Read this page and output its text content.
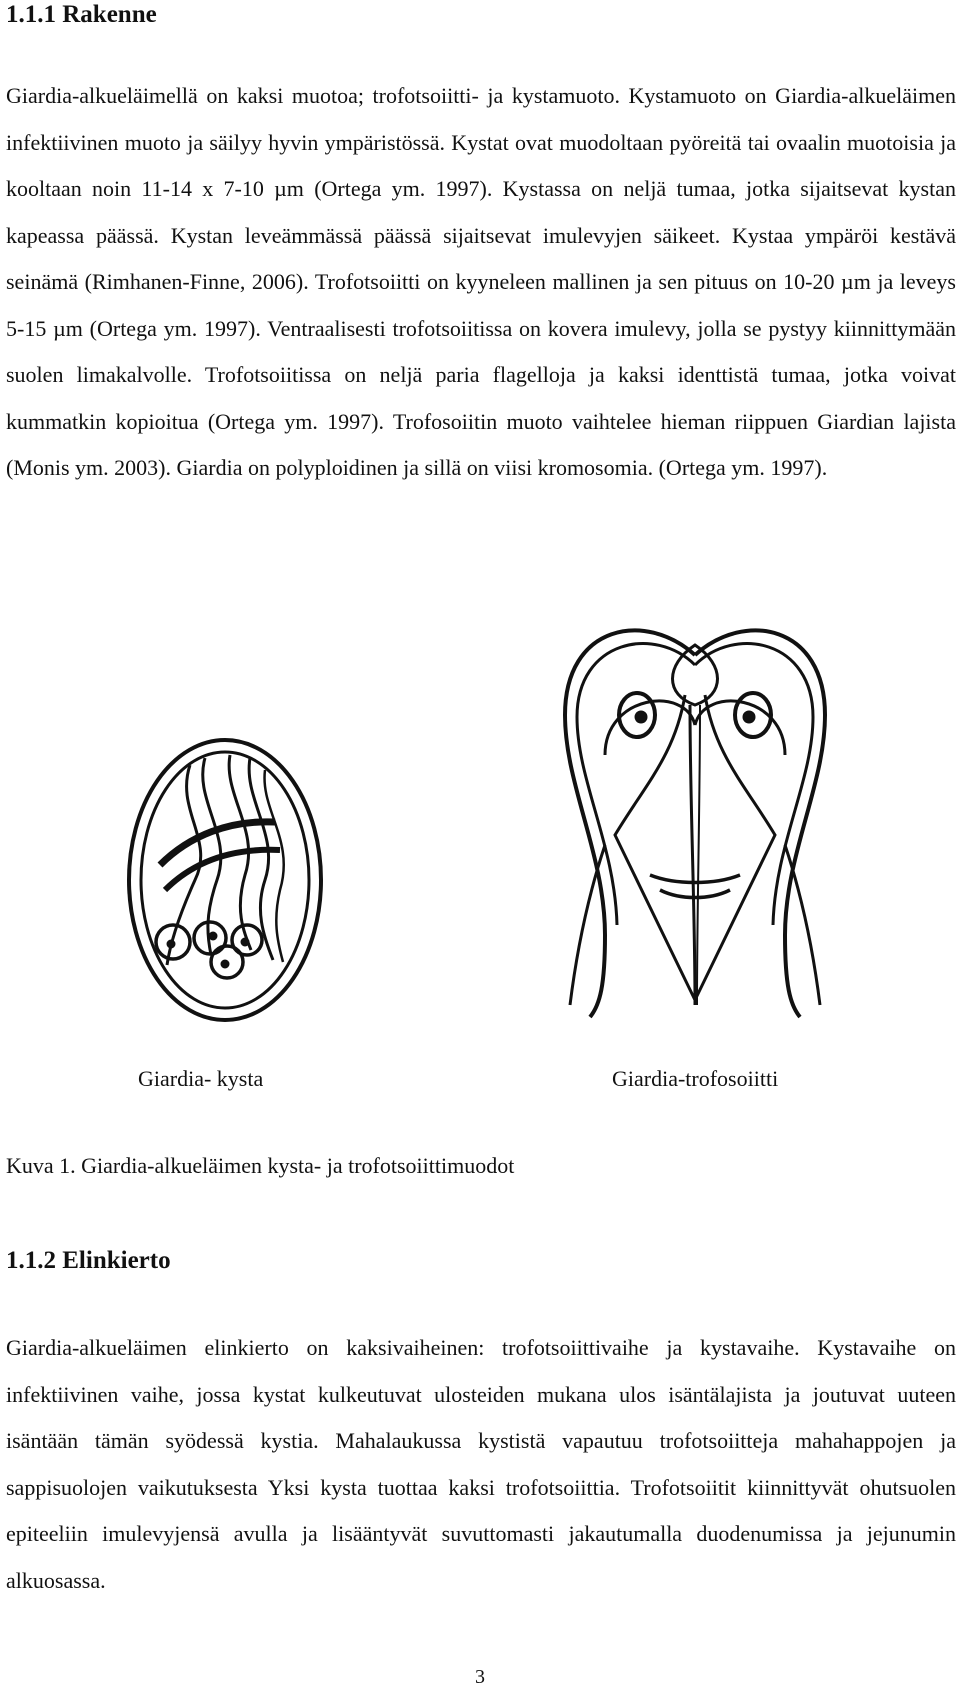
1.1.1 Rakenne

Giardia-alkueläimellä on kaksi muotoa; trofotsoiitti- ja kystamuoto. Kystamuoto on Giardia-alkueläimen infektiivinen muoto ja säilyy hyvin ympäristössä. Kystat ovat muodoltaan pyöreitä tai ovaalin muotoisia ja kooltaan noin 11-14 x 7-10 µm (Ortega ym. 1997). Kystassa on neljä tumaa, jotka sijaitsevat kystan kapeassa päässä. Kystan leveämmässä päässä sijaitsevat imulevyjen säikeet. Kystaa ympäröi kestävä seinämä (Rimhanen-Finne, 2006). Trofotsoiitti on kyyneleen mallinen ja sen pituus on 10-20 µm ja leveys 5-15 µm (Ortega ym. 1997). Ventraalisesti trofotsoiitissa on kovera imulevy, jolla se pystyy kiinnittymään suolen limakalvolle. Trofotsoiitissa on neljä paria flagelloja ja kaksi identtistä tumaa, jotka voivat kummatkin kopioitua (Ortega ym. 1997). Trofosoiitin muoto vaihtelee hieman riippuen Giardian lajista (Monis ym. 2003). Giardia on polyploidinen ja sillä on viisi kromosomia. (Ortega ym. 1997).

Giardia- kysta	Giardia-trofosoiitti

Kuva 1. Giardia-alkueläimen kysta- ja trofotsoiittimuodot

1.1.2 Elinkierto

Giardia-alkueläimen elinkierto on kaksivaiheinen: trofotsoiittivaihe ja kystavaihe. Kystavaihe on infektiivinen vaihe, jossa kystat kulkeutuvat ulosteiden mukana ulos isäntälajista ja joutuvat uuteen isäntään tämän syödessä kystia. Mahalaukussa kystistä vapautuu trofotsoiitteja mahahappojen ja sappisuolojen vaikutuksesta Yksi kysta tuottaa kaksi trofotsoiittia. Trofotsoiitit kiinnittyvät ohutsuolen epiteeliin imulevyjensä avulla ja lisääntyvät suvuttomasti jakautumalla duodenumissa ja jejunumin alkuosassa.

3
